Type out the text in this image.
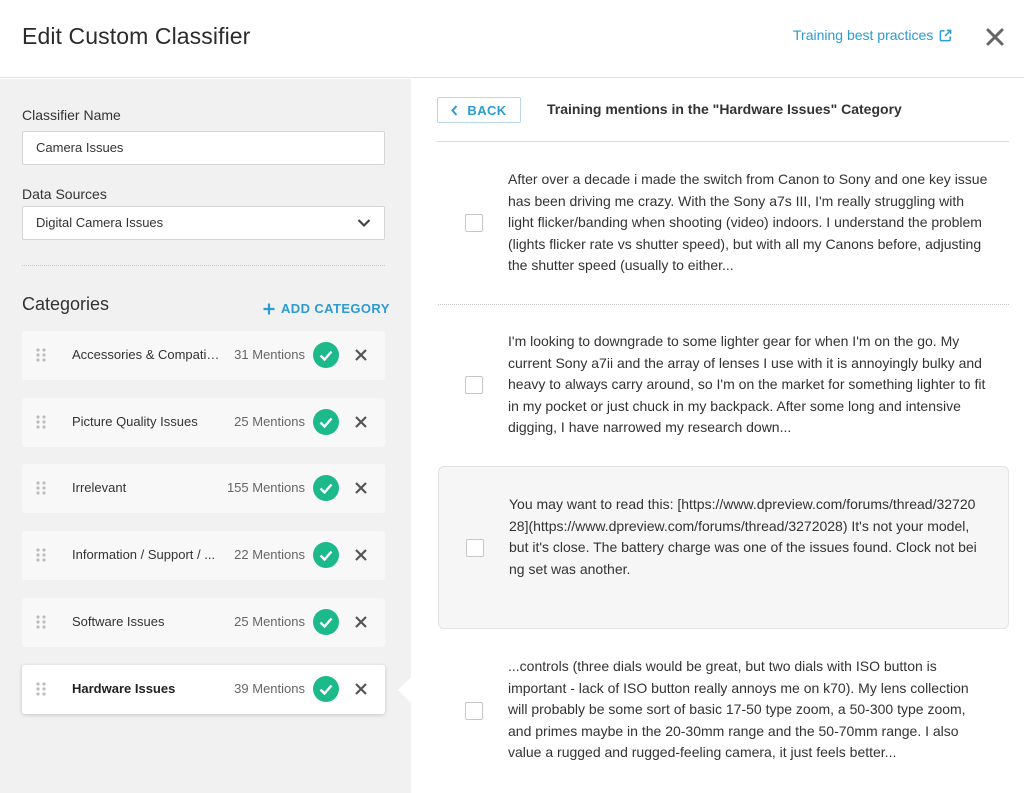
Edit Custom Classifier	Training best practices
Classifier Name
Camera Issues
Data Sources
Digital Camera Issues
Categories	ADD CATEGORY
Accessories & Compatib...	31 Mentions
Picture Quality Issues	25 Mentions
Irrelevant	155 Mentions
Information / Support / ...	22 Mentions
Software Issues	25 Mentions
Hardware Issues	39 Mentions
BACK	Training mentions in the "Hardware Issues" Category
After over a decade i made the switch from Canon to Sony and one key issue has been driving me crazy. With the Sony a7s III, I'm really struggling with light flicker/banding when shooting (video) indoors. I understand the problem (lights flicker rate vs shutter speed), but with all my Canons before, adjusting the shutter speed (usually to either...
I'm looking to downgrade to some lighter gear for when I'm on the go. My current Sony a7ii and the array of lenses I use with it is annoyingly bulky and heavy to always carry around, so I'm on the market for something lighter to fit in my pocket or just chuck in my backpack. After some long and intensive digging, I have narrowed my research down...
You may want to read this: [https://www.dpreview.com/forums/thread/3272028](https://www.dpreview.com/forums/thread/3272028) It's not your model, but it's close. The battery charge was one of the issues found. Clock not being set was another.
...controls (three dials would be great, but two dials with ISO button is important - lack of ISO button really annoys me on k70). My lens collection will probably be some sort of basic 17-50 type zoom, a 50-300 type zoom, and primes maybe in the 20-30mm range and the 50-70mm range. I also value a rugged and rugged-feeling camera, it just feels better...
